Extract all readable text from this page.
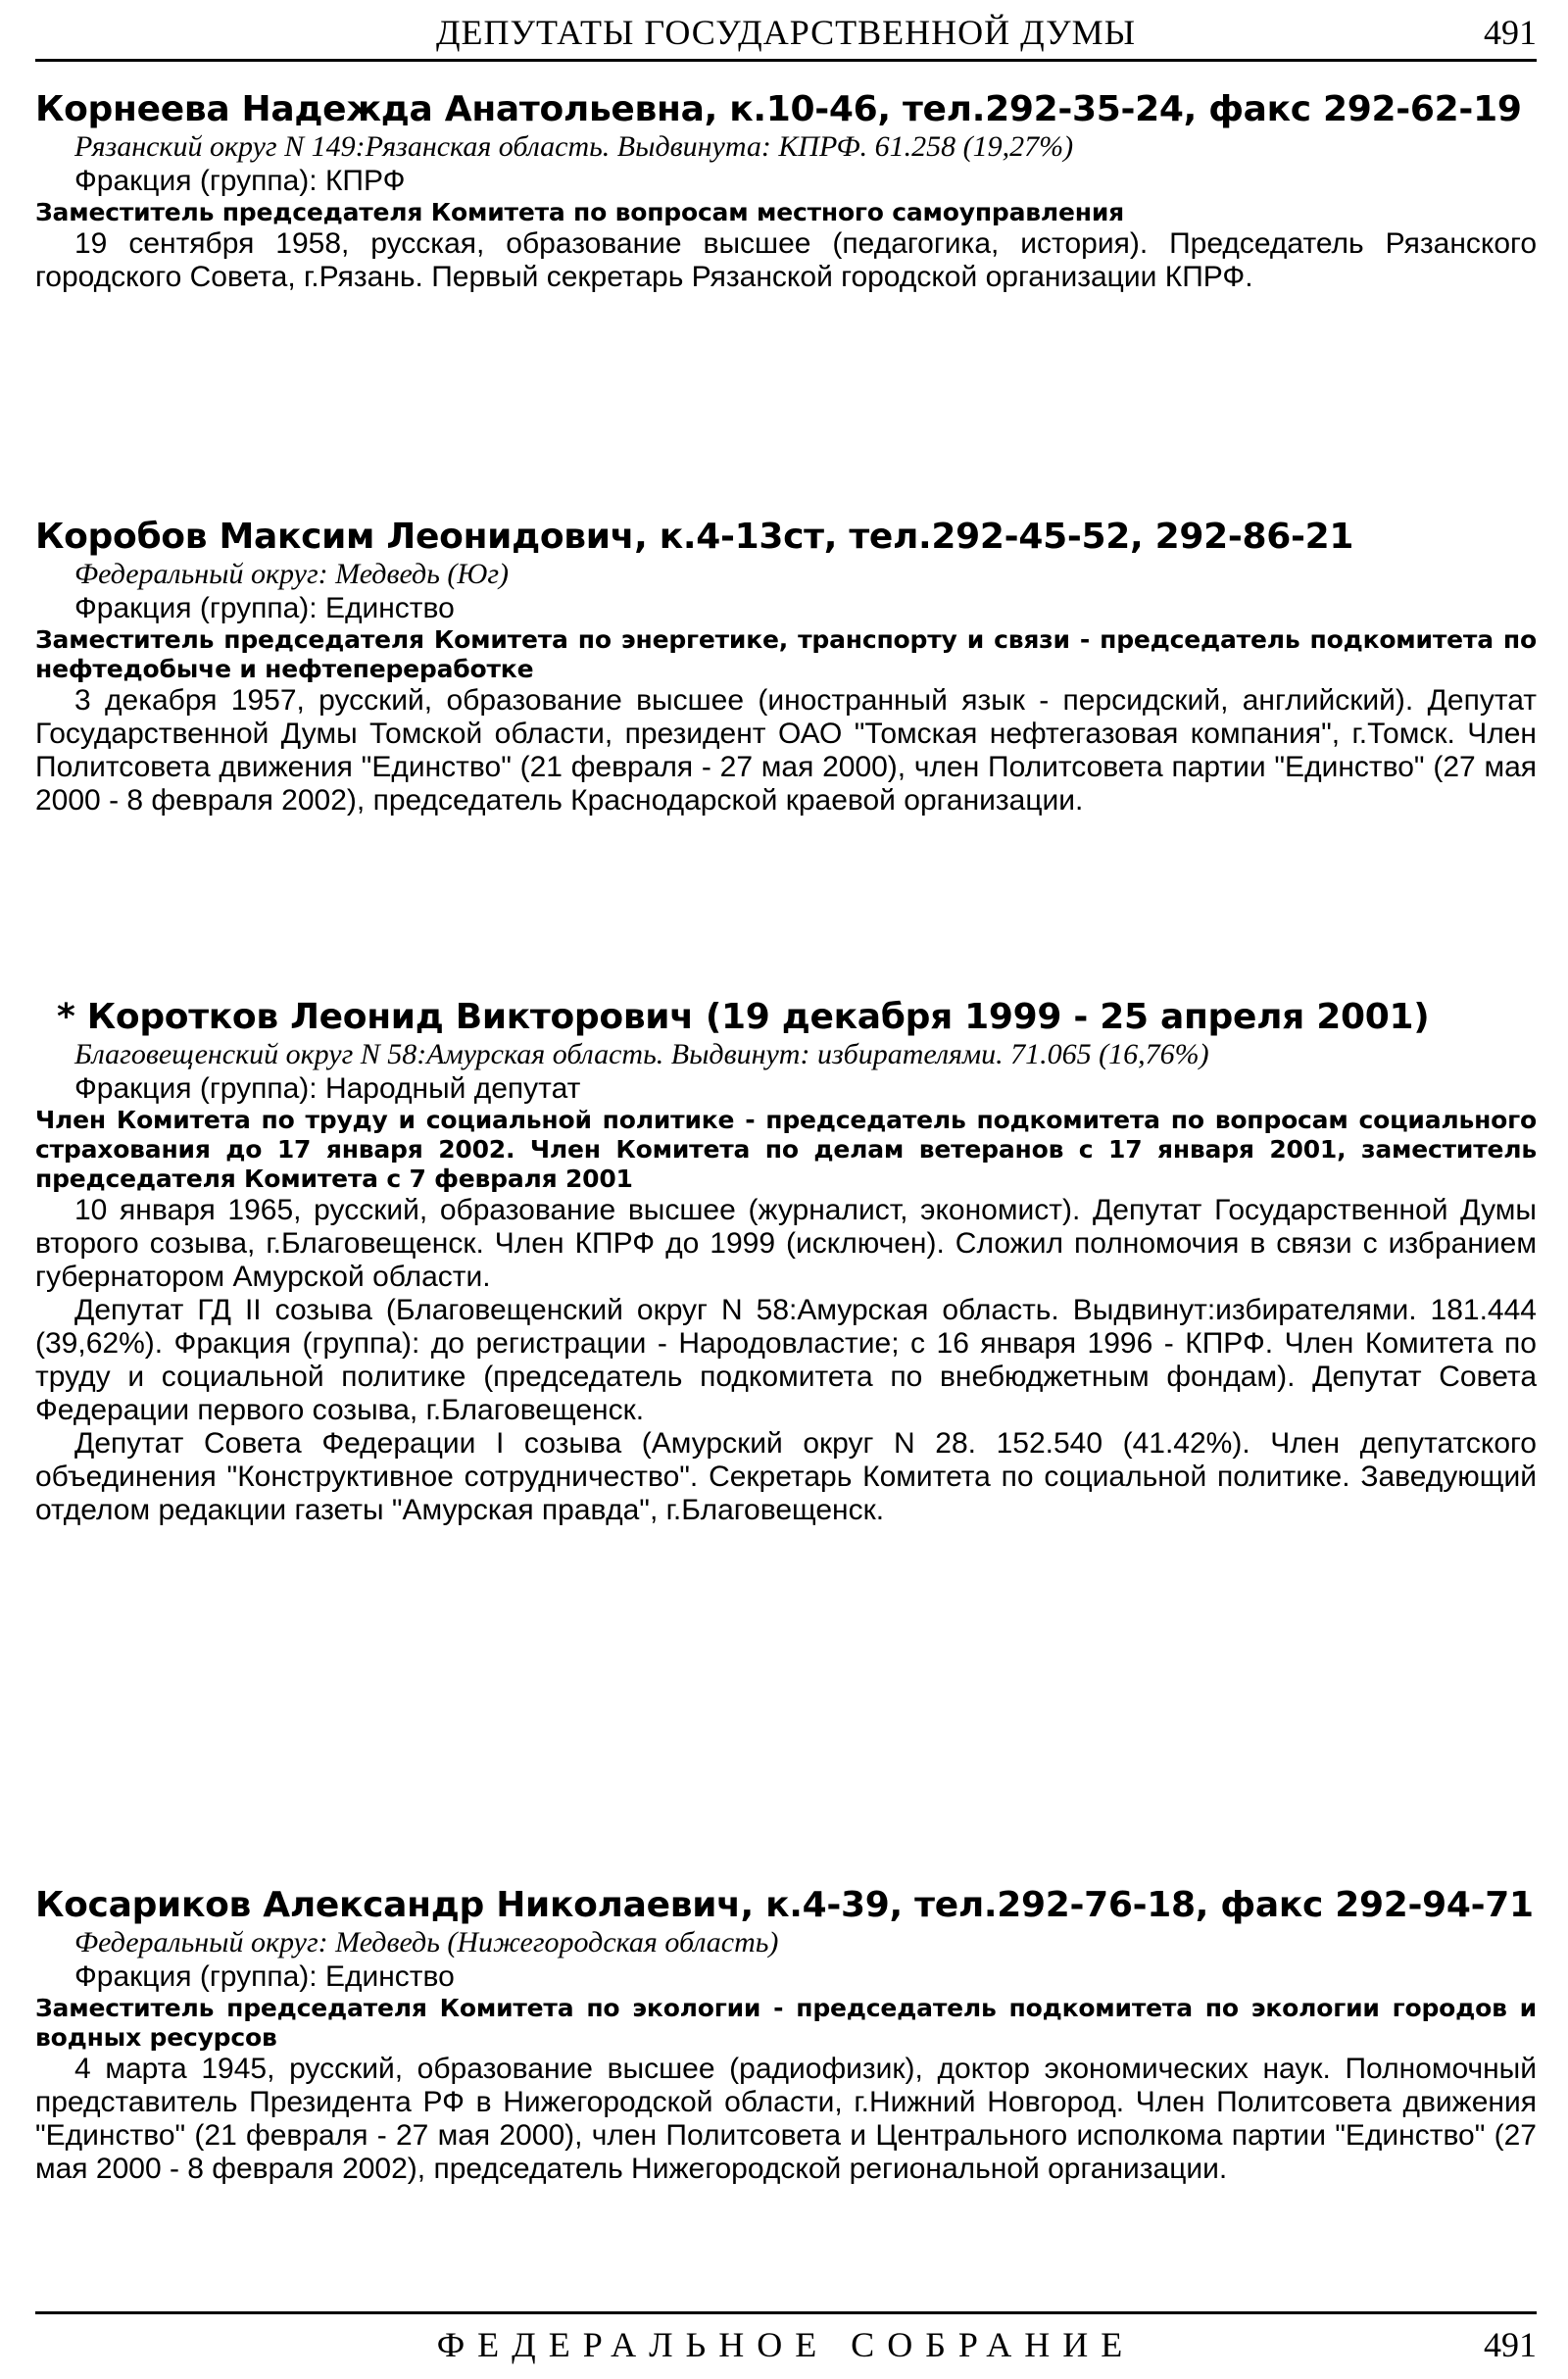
ДЕПУТАТЫ ГОСУДАРСТВЕННОЙ ДУМЫ	491
Корнеева Надежда Анатольевна, к.10-46, тел.292-35-24, факс 292-62-19
Рязанский округ N 149:Рязанская область. Выдвинута: КПРФ. 61.258 (19,27%)
Фракция (группа): КПРФ
Заместитель председателя Комитета по вопросам местного самоуправления

19 сентября 1958, русская, образование высшее (педагогика, история). Председатель Рязанского городского Совета, г.Рязань. Первый секретарь Рязанской городской организации КПРФ.

Коробов Максим Леонидович, к.4-13ст, тел.292-45-52, 292-86-21
Федеральный округ: Медведь (Юг)
Фракция (группа): Единство
Заместитель председателя Комитета по энергетике, транспорту и связи - председатель подкомитета по нефтедобыче и нефтепереработке

3 декабря 1957, русский, образование высшее (иностранный язык - персидский, английский). Депутат Государственной Думы Томской области, президент ОАО "Томская нефтегазовая компания", г.Томск. Член Политсовета движения "Единство" (21 февраля - 27 мая 2000), член Политсовета партии "Единство" (27 мая 2000 - 8 февраля 2002), председатель Краснодарской краевой организации.

* Коротков Леонид Викторович (19 декабря 1999 - 25 апреля 2001)
Благовещенский округ N 58:Амурская область. Выдвинут: избирателями. 71.065 (16,76%)
Фракция (группа): Народный депутат
Член Комитета по труду и социальной политике - председатель подкомитета по вопросам социального страхования до 17 января 2002. Член Комитета по делам ветеранов с 17 января 2001, заместитель председателя Комитета с 7 февраля 2001

10 января 1965, русский, образование высшее (журналист, экономист). Депутат Государственной Думы второго созыва, г.Благовещенск. Член КПРФ до 1999 (исключен). Сложил полномочия в связи с избранием губернатором Амурской области.

Депутат ГД II созыва (Благовещенский округ N 58:Амурская область. Выдвинут:избирателями. 181.444 (39,62%). Фракция (группа): до регистрации - Народовластие; с 16 января 1996 - КПРФ. Член Комитета по труду и социальной политике (председатель подкомитета по внебюджетным фондам). Депутат Совета Федерации первого созыва, г.Благовещенск.

Депутат Совета Федерации I созыва (Амурский округ N 28. 152.540 (41.42%). Член депутатского объединения "Конструктивное сотрудничество". Секретарь Комитета по социальной политике. Заведующий отделом редакции газеты "Амурская правда", г.Благовещенск.

Косариков Александр Николаевич, к.4-39, тел.292-76-18, факс 292-94-71
Федеральный округ: Медведь (Нижегородская область)
Фракция (группа): Единство
Заместитель председателя Комитета по экологии - председатель подкомитета по экологии городов и водных ресурсов

4 марта 1945, русский, образование высшее (радиофизик), доктор экономических наук. Полномочный представитель Президента РФ в Нижегородской области, г.Нижний Новгород. Член Политсовета движения "Единство" (21 февраля - 27 мая 2000), член Политсовета и Центрального исполкома партии "Единство" (27 мая 2000 - 8 февраля 2002), председатель Нижегородской региональной организации.

ФЕДЕРАЛЬНОЕ СОБРАНИЕ	491
